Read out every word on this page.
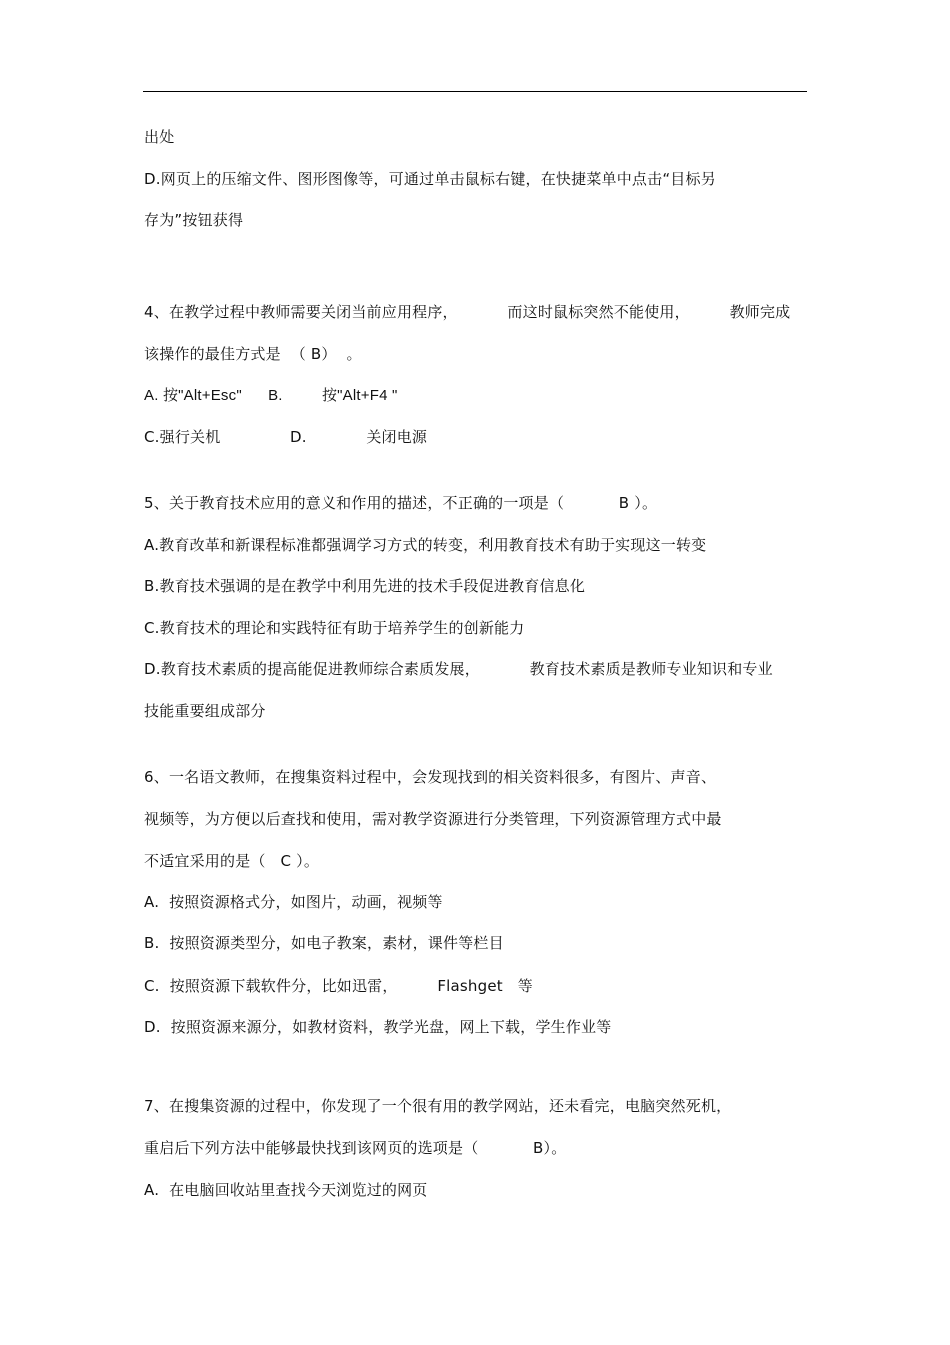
出处
D.网页上的压缩文件、图形图像等，可通过单击鼠标右键，在快捷菜单中点击“目标另
存为”按钮获得
4、在教学过程中教师需要关闭当前应用程序，          而这时鼠标突然不能使用，        教师完成
该操作的最佳方式是  （ B）  。
A. 按"Alt+Esc"      B.         按"Alt+F4 "
C.强行关机              D.            关闭电源
5、关于教育技术应用的意义和作用的描述，不正确的一项是（           B ）。
A.教育改革和新课程标准都强调学习方式的转变，利用教育技术有助于实现这一转变
B.教育技术强调的是在教学中利用先进的技术手段促进教育信息化
C.教育技术的理论和实践特征有助于培养学生的创新能力
D.教育技术素质的提高能促进教师综合素质发展，          教育技术素质是教师专业知识和专业
技能重要组成部分
6、一名语文教师，在搜集资料过程中，会发现找到的相关资料很多，有图片、声音、
视频等，为方便以后查找和使用，需对教学资源进行分类管理，下列资源管理方式中最
不适宜采用的是（   C ）。
A.  按照资源格式分，如图片，动画，视频等
B.  按照资源类型分，如电子教案，素材，课件等栏目
C.  按照资源下载软件分，比如迅雷，        Flashget   等
D.  按照资源来源分，如教材资料，教学光盘，网上下载，学生作业等
7、在搜集资源的过程中，你发现了一个很有用的教学网站，还未看完，电脑突然死机，
重启后下列方法中能够最快找到该网页的选项是（           B）。
A.  在电脑回收站里查找今天浏览过的网页
